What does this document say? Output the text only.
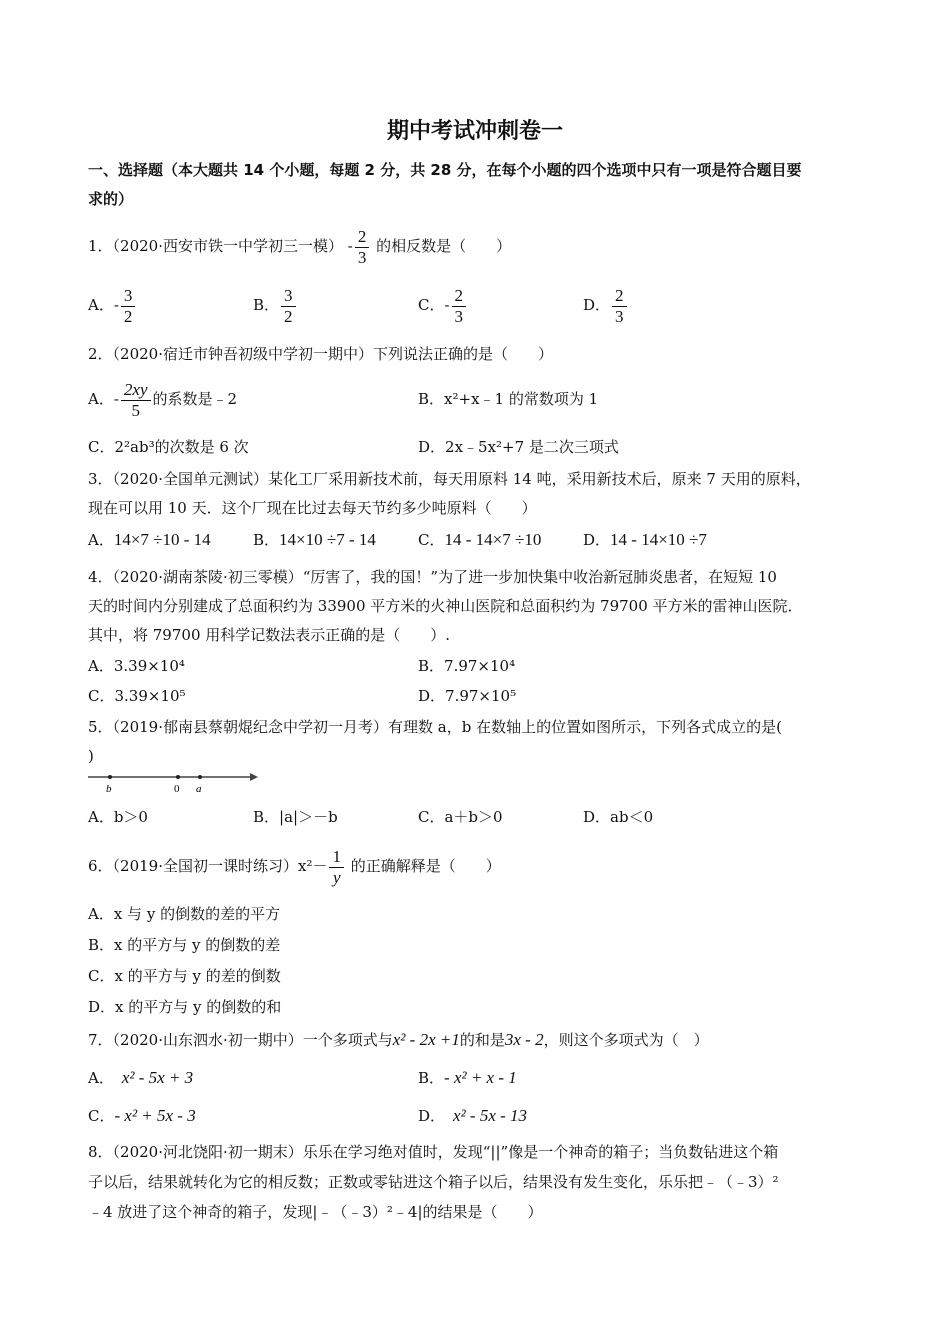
期中考试冲刺卷一
一、选择题（本大题共 14 个小题，每题 2 分，共 28 分，在每个小题的四个选项中只有一项是符合题目要
求的）
1．（2020·西安市铁一中学初三一模） - $\frac{2}{3}$ 的相反数是（　　）
A．- $\frac{3}{2}$	B． $\frac{3}{2}$	C．- $\frac{2}{3}$	D． $\frac{2}{3}$
2．（2020·宿迁市钟吾初级中学初一期中）下列说法正确的是（　　）
A．- $\frac{2xy}{5}$ 的系数是﹣2	B．x²+x﹣1 的常数项为 1
C．2²ab³的次数是 6 次	D．2x﹣5x²+7 是二次三项式
3．（2020·全国单元测试）某化工厂采用新技术前，每天用原料 14 吨，采用新技术后，原来 7 天用的原料，
现在可以用 10 天．这个厂现在比过去每天节约多少吨原料（　　）
A．14×7 ÷10 - 14	B．14×10 ÷7 - 14	C．14 - 14×7 ÷10	D．14 - 14×10 ÷7
4．（2020·湖南茶陵·初三零模）“厉害了，我的国！”为了进一步加快集中收治新冠肺炎患者，在短短 10
天的时间内分别建成了总面积约为 33900 平方米的火神山医院和总面积约为 79700 平方米的雷神山医院．
其中，将 79700 用科学记数法表示正确的是（　　）.
A．3.39×10⁴	B．7.97×10⁴
C．3.39×10⁵	D．7.97×10⁵
5．（2019·郁南县蔡朝焜纪念中学初一月考）有理数 a，b 在数轴上的位置如图所示，下列各式成立的是(
)
b	0 a
A．b＞0	B．|a|＞－b	C．a＋b＞0	D．ab＜0
6．（2019·全国初一课时练习）$x^2- \frac{1}{y}$ 的正确解释是（　　）
A．x 与 y 的倒数的差的平方
B．x 的平方与 y 的倒数的差
C．x 的平方与 y 的差的倒数
D．x 的平方与 y 的倒数的和
7．（2020·山东泗水·初一期中）一个多项式与x² - 2x +1的和是3x - 2，则这个多项式为（　）
A． x² - 5x + 3	B．- x² + x - 1
C．- x² + 5x - 3	D． x² - 5x - 13
8．（2020·河北饶阳·初一期末）乐乐在学习绝对值时，发现“||”像是一个神奇的箱子；当负数钻进这个箱
子以后，结果就转化为它的相反数；正数或零钻进这个箱子以后，结果没有发生变化，乐乐把﹣（﹣3）²
﹣4 放进了这个神奇的箱子，发现|﹣（﹣3）²﹣4|的结果是（　　）
